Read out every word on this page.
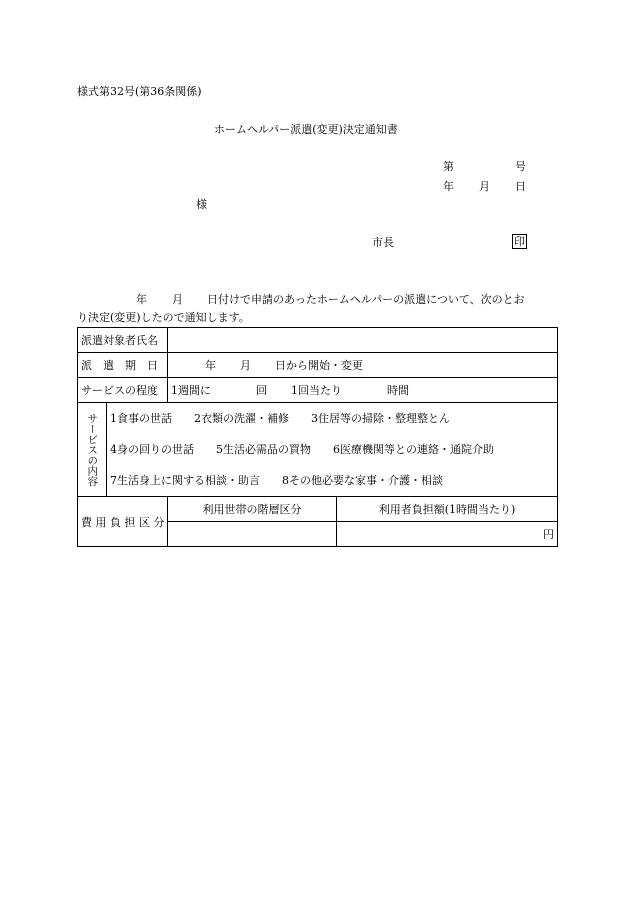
様式第32号(第36条関係)
ホームヘルパー派遣(変更)決定通知書
第	号
年 月 日
様
市長	印
年 月 日付けで申請のあったホームヘルパーの派遣について、次のとお
り決定(変更)したので通知します。
派遣対象者氏名			
派　遣　期　日		年 月 日から開始・変更	
サービスの程度		1週間に 回 1回当たり 時間	

サービスの内容	1食事の世話 2衣類の洗濯・補修 3住居等の掃除・整理整とん
4身の回りの世話 5生活必需品の買物 6医療機関等との連絡・通院介助
7生活身上に関する相談・助言 8その他必要な家事・介護・相談		

費 用 負 担 区 分		利用世帯の階層区分	利用者負担額(1時間当たり)
			円
